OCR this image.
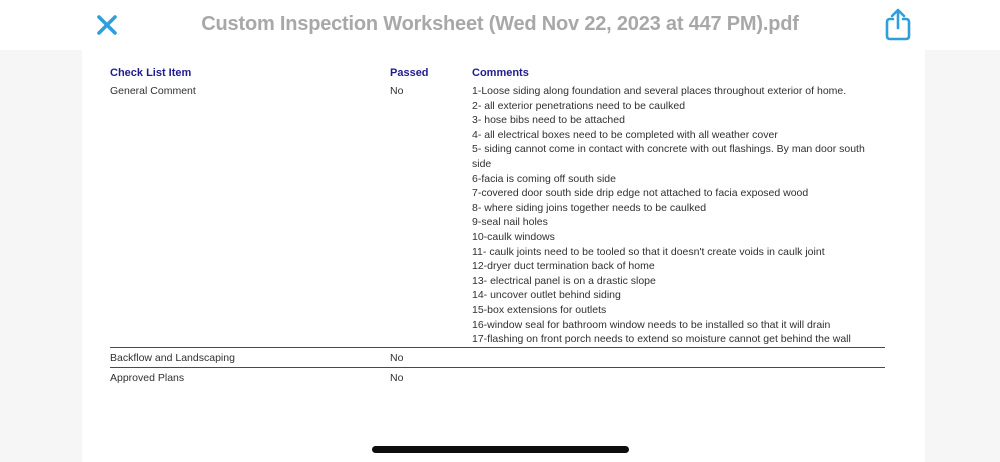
Custom Inspection Worksheet (Wed Nov 22, 2023 at 447 PM).pdf
Check List Item	Passed	Comments
General Comment	No	1-Loose siding along foundation and several places throughout exterior of home.
2- all exterior penetrations need to be caulked
3- hose bibs need to be attached
4- all electrical boxes need to be completed with all weather cover
5- siding cannot come in contact with concrete with out flashings. By man door south side
6-facia is coming off south side
7-covered door south side drip edge not attached to facia exposed wood
8- where siding joins together needs to be caulked
9-seal nail holes
10-caulk windows
11- caulk joints need to be tooled so that it doesn't create voids in caulk joint
12-dryer duct termination back of home
13- electrical panel is on a drastic slope
14- uncover outlet behind siding
15-box extensions for outlets
16-window seal for bathroom window needs to be installed so that it will drain
17-flashing on front porch needs to extend so moisture cannot get behind the wall
Backflow and Landscaping	No
Approved Plans	No
